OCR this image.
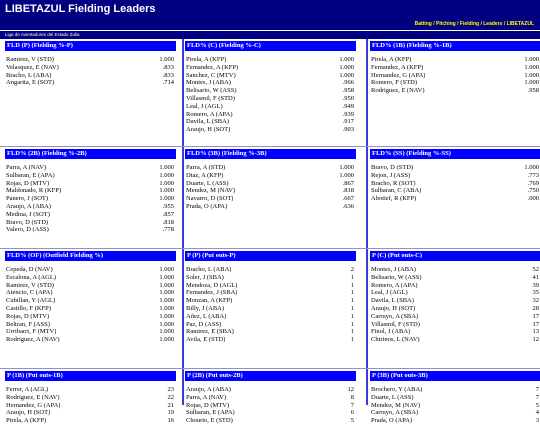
LIBETAZUL Fielding Leaders
Batting / Pitching / Fielding / Leaders / LIBETAZUL
Liga de Aventadores del Estado Zulia
FLD (P) (Fielding %-P)
Ramirez, V (STD)	1.000
Velasquez, E (NAV)	.833
Bracho, L (ABA)	.833
Angarita, E (SOT)	.714
FLD% (C) (Fielding %-C)
Pirela, A (KFP)	1.000
Fernandez, A (KFP)	1.000
Sanchez, C (MTV)	1.000
Montes, J (ABA)	.966
Belisario, W (ASS)	.958
Villasmil, F (STD)	.950
Leal, J (AGL)	.949
Romero, A (APA)	.939
Davila, L (SBA)	.917
Araujo, H (SOT)	.903
FLD% (1B) (Fielding %-1B)
Pirela, A (KFP)	1.000
Fernandez, A (KFP)	1.000
Hernandez, G (APA)	1.000
Romero, F (STD)	1.000
Rodriguez, E (NAV)	.958
FLD% (2B) (Fielding %-2B)
Parra, A (NAV)	1.000
Sulbaran, E (APA)	1.000
Rojas, D (MTV)	1.000
Maldonado, R (KFP)	1.000
Panero, J (SOT)	1.000
Araujo, A (ABA)	.955
Medina, J (SOT)	.857
Bravo, D (STD)	.818
Valero, D (ASS)	.778
FLD% (3B) (Fielding %-3B)
Parra, A (STD)	1.000
Diaz, A (KFP)	1.000
Duarte, L (ASS)	.867
Mendez, M (NAV)	.818
Navarro, D (SOT)	.667
Prada, O (APA)	.636
FLD% (SS) (Fielding %-SS)
Bravo, D (STD)	1.000
Rejon, J (ASS)	.773
Bracho, R (SOT)	.769
Sulbaran, C (ABA)	.750
Abotief, R (KFP)	.000
FLD% (OF) (Outfield Fielding %)
Cepeda, D (NAV)	1.000
Escalona, A (AGL)	1.000
Ramirez, V (STD)	1.000
Atencio, C (APA)	1.000
Cubillan, Y (AGL)	1.000
Castillo, F (KFP)	1.000
Rojas, D (MTV)	1.000
Beltran, F (ASS)	1.000
Urribarri, F (MTV)	1.000
Rodriguez, A (NAV)	1.000
P (P) (Put outs-P)
Bracho, L (ABA)	2
Soler, J (SBA)	1
Mendoza, D (AGL)	1
Fernandez, J (SBA)	1
Monzan, A (KFP)	1
Billy, J (ABA)	1
Añez, L (ABA)	1
Paz, D (ASS)	1
Ramirez, E (SBA)	1
Avila, E (STD)	1
P (C) (Put outs-C)
Montes, J (ABA)	52
Belisario, W (ASS)	41
Romero, A (APA)	39
Leal, J (AGL)	35
Davila, L (SBA)	32
Araujo, H (SOT)	28
Carruyo, A (SBA)	17
Villasmil, F (STD)	17
Finol, J (ABA)	13
Chirinos, L (NAV)	12
P (1B) (Put outs-1B)
Ferrer, A (AGL)	23
Rodriguez, E (NAV)	22
Hernandez, G (APA)	21
Araujo, H (SOT)	19
Pirela, A (KFP)	16
P (2B) (Put outs-2B)
Araujo, A (ABA)	12
Parra, A (NAV)	8
Rojas, D (MTV)	7
Sulbaran, E (APA)	6
Chourio, E (STD)	5
P (3B) (Put outs-3B)
Brochero, Y (ABA)	7
Duarte, L (ASS)	7
Mendez, M (NAV)	5
Carruyo, A (SBA)	4
Prada, O (APA)	3
